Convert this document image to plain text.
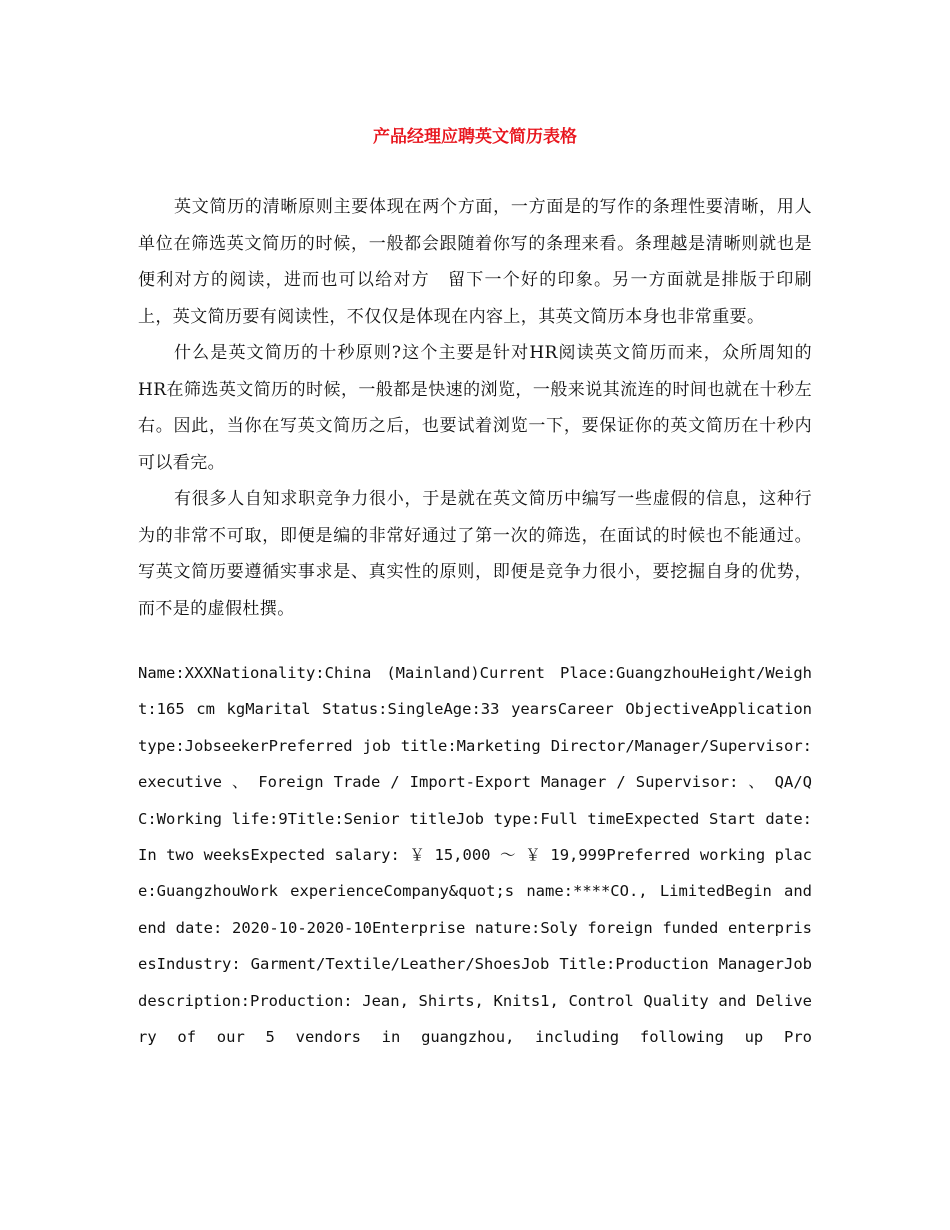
产品经理应聘英文简历表格

英文简历的清晰原则主要体现在两个方面，一方面是的写作的条理性要清晰，用人单位在筛选英文简历的时候，一般都会跟随着你写的条理来看。条理越是清晰则就也是便利对方的阅读，进而也可以给对方　留下一个好的印象。另一方面就是排版于印刷上，英文简历要有阅读性，不仅仅是体现在内容上，其英文简历本身也非常重要。

什么是英文简历的十秒原则?这个主要是针对HR阅读英文简历而来，众所周知的HR在筛选英文简历的时候，一般都是快速的浏览，一般来说其流连的时间也就在十秒左右。因此，当你在写英文简历之后，也要试着浏览一下，要保证你的英文简历在十秒内可以看完。

有很多人自知求职竞争力很小，于是就在英文简历中编写一些虚假的信息，这种行为的非常不可取，即便是编的非常好通过了第一次的筛选，在面试的时候也不能通过。写英文简历要遵循实事求是、真实性的原则，即便是竞争力很小，要挖掘自身的优势，而不是的虚假杜撰。

Name:XXXNationality:China (Mainland)Current Place:GuangzhouHeight/Weight:165 cm kgMarital Status:SingleAge:33 yearsCareer ObjectiveApplication type:JobseekerPreferred job title:Marketing Director/Manager/Supervisor: executive 、 Foreign Trade / Import-Export Manager / Supervisor: 、 QA/QC:Working life:9Title:Senior titleJob type:Full timeExpected Start date:In two weeksExpected salary: ￥ 15,000 ～ ￥ 19,999Preferred working place:GuangzhouWork experienceCompany&quot;s name:****CO., LimitedBegin and end date: 2020-10-2020-10Enterprise nature:Soly foreign funded enterprisesIndustry: Garment/Textile/Leather/ShoesJob Title:Production ManagerJob description:Production: Jean, Shirts, Knits1, Control Quality and Delivery of our 5 vendors in guangzhou, including following up Pro
